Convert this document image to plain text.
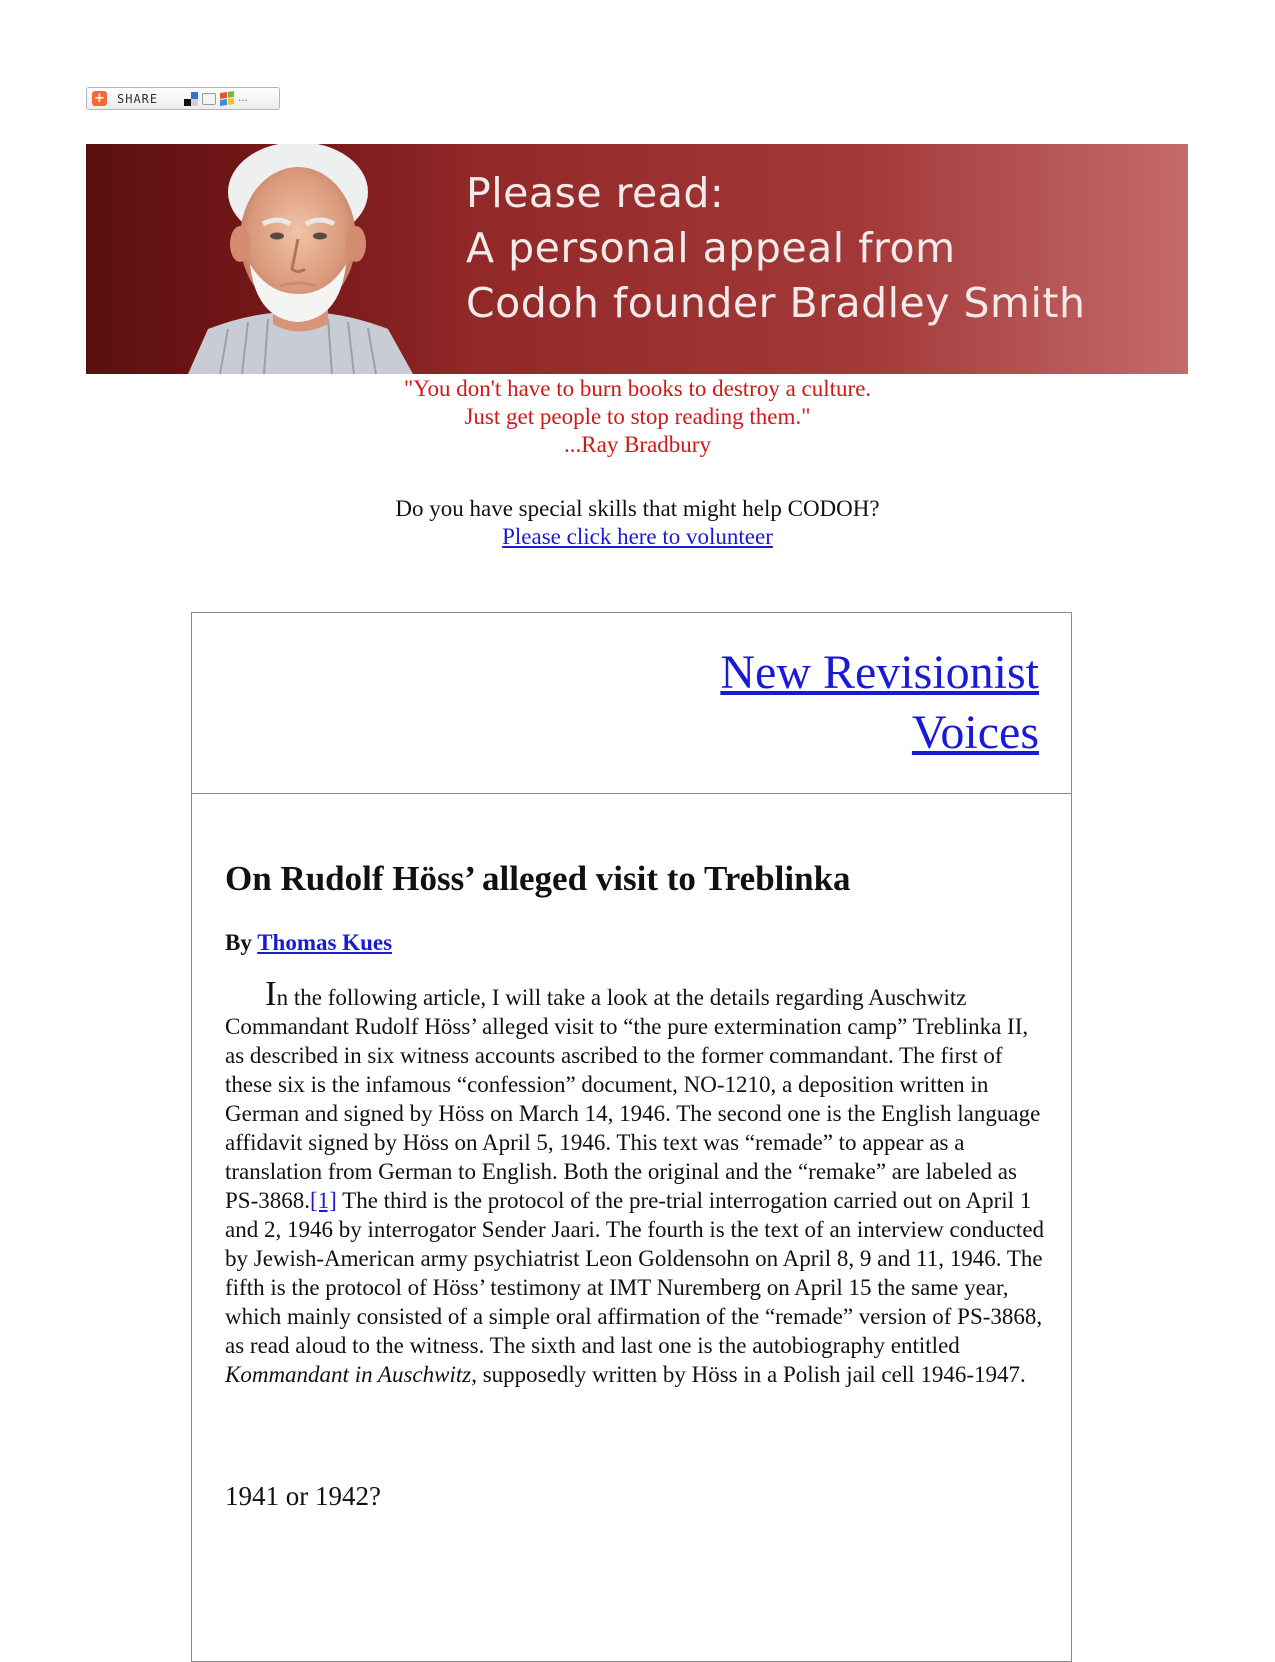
+ SHARE	...
Please read:
A personal appeal from
Codoh founder Bradley Smith
"You don't have to burn books to destroy a culture.
Just get people to stop reading them."
...Ray Bradbury
Do you have special skills that might help CODOH?
Please click here to volunteer
New Revisionist
Voices
On Rudolf Höss’ alleged visit to Treblinka
By Thomas Kues

In the following article, I will take a look at the details regarding Auschwitz Commandant Rudolf Höss’ alleged visit to “the pure extermination camp” Treblinka II, as described in six witness accounts ascribed to the former commandant. The first of these six is the infamous “confession” document, NO-1210, a deposition written in German and signed by Höss on March 14, 1946. The second one is the English language affidavit signed by Höss on April 5, 1946. This text was “remade” to appear as a translation from German to English. Both the original and the “remake” are labeled as PS-3868.[1] The third is the protocol of the pre-trial interrogation carried out on April 1 and 2, 1946 by interrogator Sender Jaari. The fourth is the text of an interview conducted by Jewish-American army psychiatrist Leon Goldensohn on April 8, 9 and 11, 1946. The fifth is the protocol of Höss’ testimony at IMT Nuremberg on April 15 the same year, which mainly consisted of a simple oral affirmation of the “remade” version of PS-3868, as read aloud to the witness. The sixth and last one is the autobiography entitled Kommandant in Auschwitz, supposedly written by Höss in a Polish jail cell 1946-1947.

1941 or 1942?
